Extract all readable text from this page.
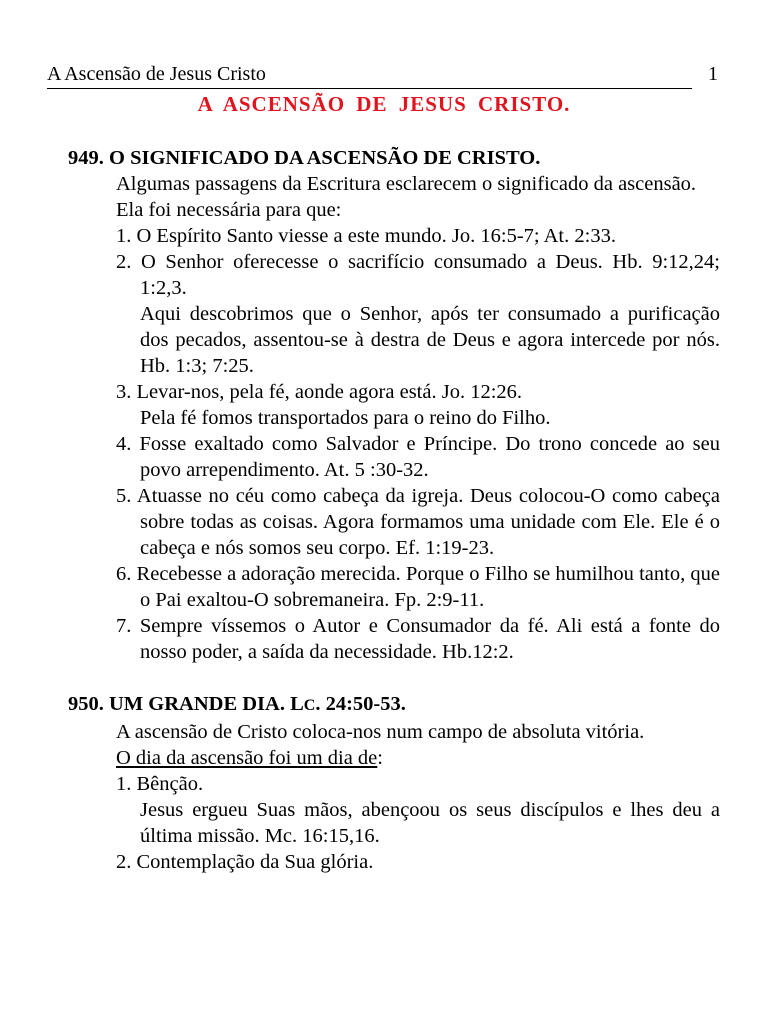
A Ascensão de Jesus Cristo	1
A ASCENSÃO DE JESUS CRISTO.

949. O SIGNIFICADO DA ASCENSÃO DE CRISTO.

Algumas passagens da Escritura esclarecem o significado da ascensão.

Ela foi necessária para que:

1. O Espírito Santo viesse a este mundo. Jo. 16:5-7; At. 2:33.

2. O Senhor oferecesse o sacrifício consumado a Deus. Hb. 9:12,24; 1:2,3.

Aqui descobrimos que o Senhor, após ter consumado a purificação dos pecados, assentou-se à destra de Deus e agora intercede por nós. Hb. 1:3; 7:25.

3. Levar-nos, pela fé, aonde agora está. Jo. 12:26.

Pela fé fomos transportados para o reino do Filho.

4. Fosse exaltado como Salvador e Príncipe. Do trono concede ao seu povo arrependimento. At. 5 :30-32.

5. Atuasse no céu como cabeça da igreja. Deus colocou-O como cabeça sobre todas as coisas. Agora formamos uma unidade com Ele. Ele é o cabeça e nós somos seu corpo. Ef. 1:19-23.

6. Recebesse a adoração merecida. Porque o Filho se humilhou tanto, que o Pai exaltou-O sobremaneira. Fp. 2:9-11.

7. Sempre víssemos o Autor e Consumador da fé. Ali está a fonte do nosso poder, a saída da necessidade. Hb.12:2.

950. UM GRANDE DIA. LC. 24:50-53.

A ascensão de Cristo coloca-nos num campo de absoluta vitória.

O dia da ascensão foi um dia de:

1. Bênção.

Jesus ergueu Suas mãos, abençoou os seus discípulos e lhes deu a última missão. Mc. 16:15,16.

2. Contemplação da Sua glória.
